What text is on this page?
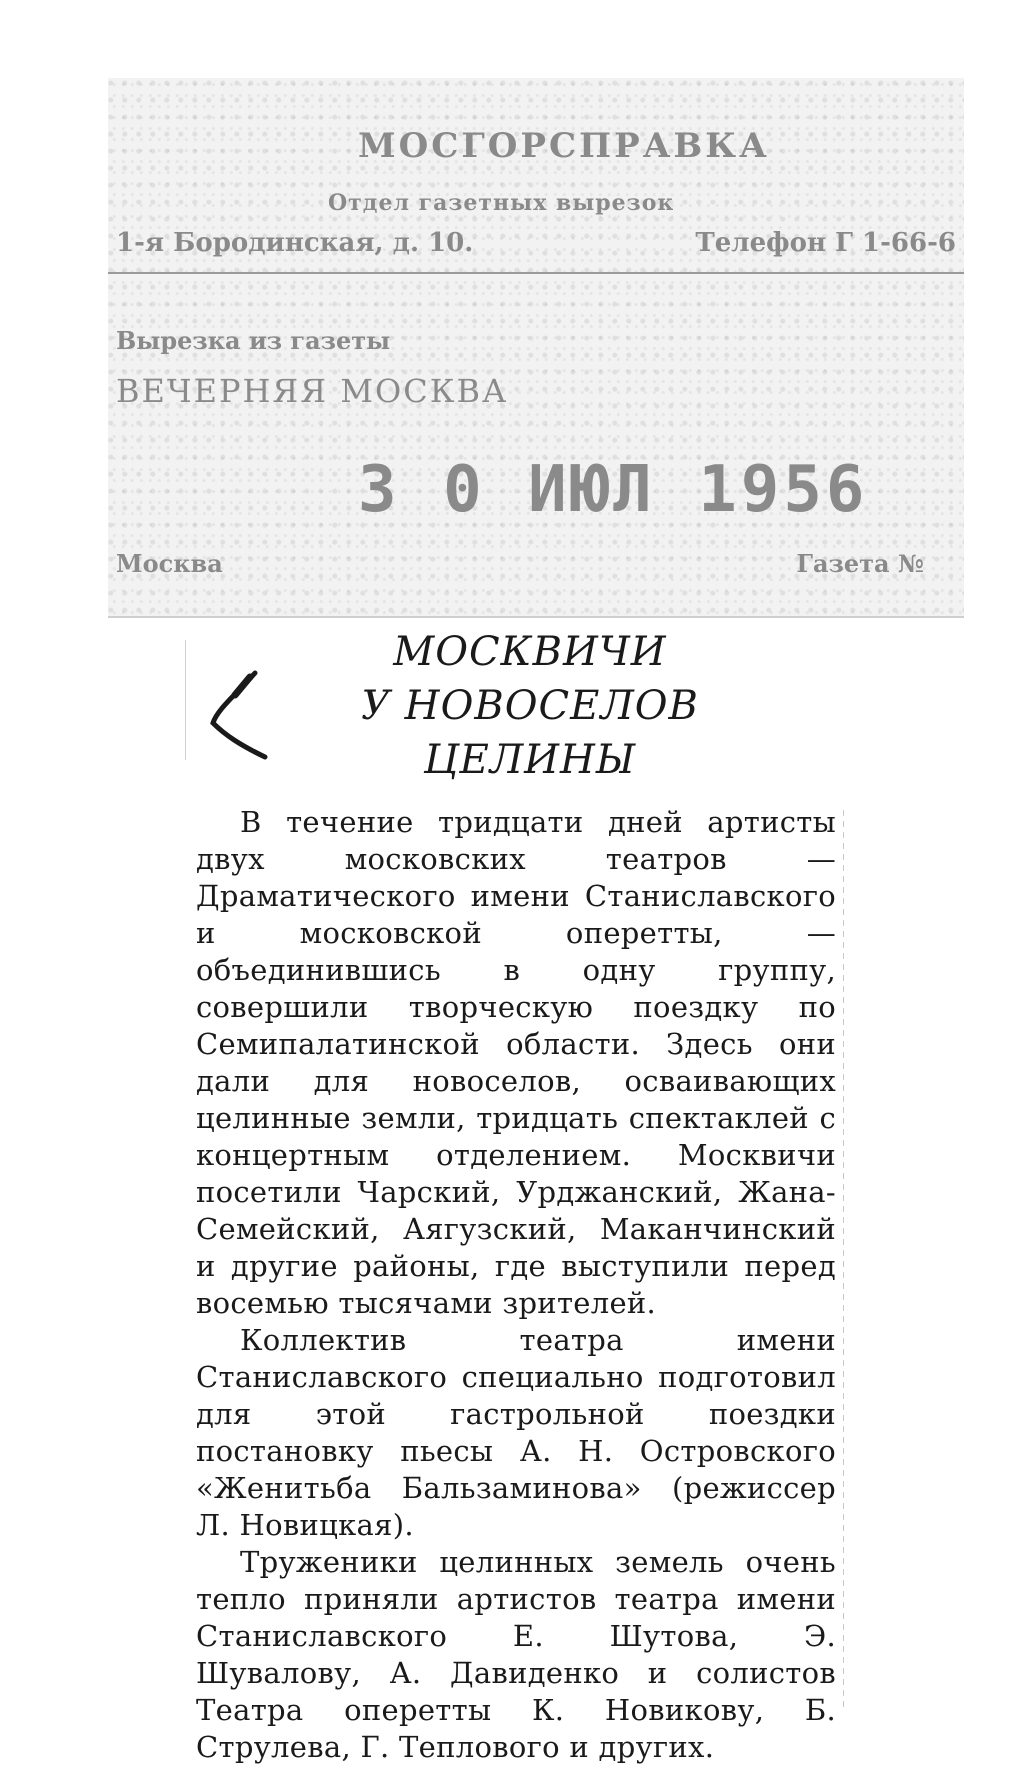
МОСГОРСПРАВКА
Отдел газетных вырезок
1-я Бородинская, д. 10.	Телефон Г 1-66-6
Вырезка из газеты
ВЕЧЕРНЯЯ МОСКВА
3 0 ИЮЛ 1956
Москва	Газета №
МОСКВИЧИ
У НОВОСЕЛОВ
ЦЕЛИНЫ

В течение тридцати дней артисты двух московских театров — Драматического имени Станиславского и московской оперетты, — объединившись в одну группу, совершили творческую поездку по Семипалатинской области. Здесь они дали для новоселов, осваивающих целинные земли, тридцать спектаклей с концертным отделением. Москвичи посетили Чарский, Урджанский, Жана-Семейский, Аягузский, Маканчинский и другие районы, где выступили перед восемью тысячами зрителей.

Коллектив театра имени Станиславского специально подготовил для этой гастрольной поездки постановку пьесы А. Н. Островского «Женитьба Бальзаминова» (режиссер Л. Новицкая).

Труженики целинных земель очень тепло приняли артистов театра имени Станиславского Е. Шутова, Э. Шувалову, А. Давиденко и солистов Театра оперетты К. Новикову, Б. Струлева, Г. Теплового и других.
